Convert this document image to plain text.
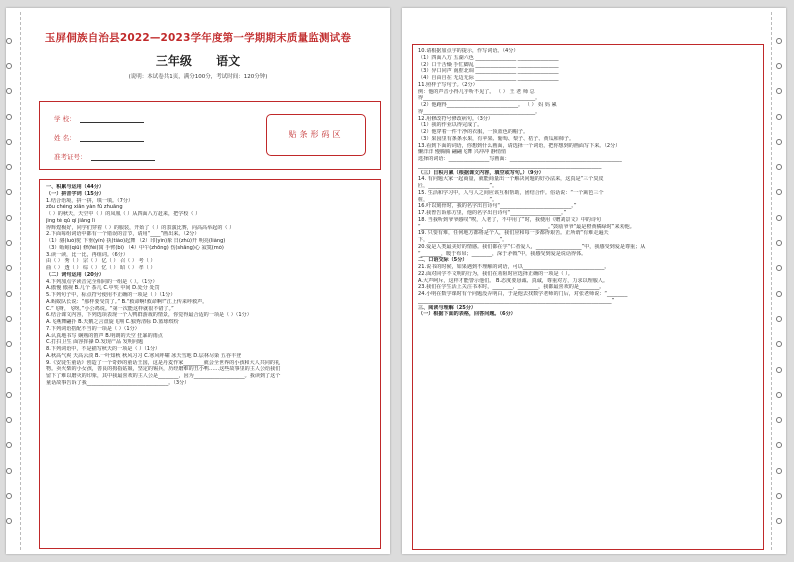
玉屏侗族自治县2022—2023学年度第一学期期末质量监测试卷
三年级 语文
(说明：本试卷共1页，满分100分，考试时间：120分钟)
学 校：
姓 名：
准考证号：
贴条形码区
一、积累与运用（44分）
（一）拼音字词（15分）
1.结合语境，拼一拼，填一填。（7分）
zōu chéng xiān yàn fǔ zhuāng
（ ）的秋天，天空中（ ）的凤凰（ ）从四面八方赶来，把学校（ ）
jìng tè qǔ qí jiǎng lì
得辉煌极好，同学们穿着（ ）的服装，开始了（ ）的表演比赛，向高高举起的（ ）
2.下面每组词语中都有一个错误的音节，请用“____”画出来。（2分）
（1）骆(luò)驼 下垂(yín) 执(tiào)起舞 （2）印(yìn)象 日(zhù)开 明亮(liàng)
（3）蚯蚓(qiū) 修(fèi)寓 手臂(bì) （4）中午(zhōng) 伤(shāng)心 寂寞(mò)
3.读一读，比一比，再组词。（6分）
由（ ） 秀（ ） 宗（ ） 亿（ ） 召（ ） 考（ ）
曲（ ） 透（ ） 综（ ） 忆（ ） 昭（ ） 孝（ ）
（二）词句运用（20分）
4.下列加点字读音完全相同的一组是（ ）。（1分）
A.傲慢 傲视 B.几个 茶几 C.中奖 中间 D.处分 处罚
5.下列句子中，标点符号使用不正确的一项是（ ）（1分）
A.蚂蚁队长说：“那样要受罚了。” B.“救命啊!救命啊!”江上传来呼救声。
C.“飞呀，飞呀。”小公鸡说。“第一次能这样就很不错了。”
6.结合课文内容，下列选项表现一个人鸭群游戏的情景，你觉得最合适的一项是（ ）（1分）
A.飞燕舞翩扑 B.天鹅之言盘旋飞翔 C.独秀清标 D.篮球缤纷
7.下列词语搭配不当的一项是（ ）（1分）
A.认真地书写 娴熟的笛声 B.明朗的天空 狂暴的雨点
C.打扫卫生 面容挥搡 D.发现产品 发明问题
8.下列词语中，不是描写秋天的一项是（ ）（1分）
A.秋高气爽 天高云淡 B.一叶知秋 秋风习习 C.寒风呼啸 冰天雪地 D.层林尽染 五谷丰登
9.《安徒生童话》创造了一个奇妙的童话王国，这是丹麦作家________就会全世界的小孩和大人共同的礼
物。卖火柴的小女孩，善良的拇指姑娘，坚定的锡兵，历经磨难的丑小鸭……这些故事里的主人公给我们
留下了难以磨灭的印象，其中我最喜欢的主人公是________，因为____________________。我读到了这个
童话故事告诉了我________________________________。（3分）
10.请根据加点字的提示，作写词语。（4分）
（1）四面八方 五湖六色 ________________ ________________
（2）口干舌燥 手忙脚乱 ________________ ________________
（3）异口同声 南腔北调 ________________ ________________
（4）自由自在 无边无际 ________________ ________________
11.照样子写句子。（2分）
例：他的声音小得几乎听不见了。 （ ） 王 老 师 总
得____________________________________________。
（2）他跑得____________________________。 （ ） 妈 妈 累
得____________________________________________。
12.用修改符号修改病句。（3分）
（1）我的作业以得完成了。
（2）他穿着一件干净的衣服，一顶蓝色的帽子。
（3）果园里有条条水果，有苹果、葡萄、梨子、桔子、黄瓜和柿子。
13.看到下面的词语，你想到什么画面，请选择一个词语，把你想到的画面写下来。（2分）
懒洋洋 慢腾腾 翩翩飞舞 兴冲冲 静悄悄
选择的词语：________________写画面：____________________________________________
________________________________________________________________________
（三）日积月累（根据课文内容，填空或写句。）（9分）
14. 有问题大家一起商量，就能商量出一个解决问题的好办法来，这真是“三个臭皮
匠，________________________”。
15. 生活和学习中，人与人之间应该互相帮助，团结合作。俗话说：“一个篱笆三个
桩，________________________”。
16.叶以刻骨时，我的名字出自诗句“____________________________。”
17.我曾告诉那方里，他的名字出自诗句“____________________。”
18. 当我听到爷爷感叹“唉，人老了，不中用了”时，我便用《赠刘景文》中的诗句
“________________________，________________________。”鼓励爷爷“最是橙黄橘绿时”来劝他。
19. 只要有难，任何地方都将是个人，我们应和每一步都得艰苦。正所谓“有难走遍天
下，____________________________”。
20.爱是人类最美好的情感。我们都在学“仁者爱人，__________________”中，我感受到爱是尊重；从
“________，暖于布帛；________，深于矛戟”中，我感受到爱是说话得体。
二、口语交际（5分）
21.说书的时候，如果遇到不理解的词语，可以________________________________。
22.面对同学不文明的行为，我们在劝阻时应选择正确的一项是（ ）。
A.大声呵斥，这样才能警示他们。 B.态度要恳诚、真诚，尊重对方，力求以理服人。
23.我们在学生活上关注书本时，________，________，我都最喜欢的是________。
24.小明在数学课时有个问题没弄明白，于是他去找数学老师的门后，对张老师说：“________
____________________________________________________________________________”
三、阅读与理解（25分）
（一）根据下面的表格，回答问题。（6分）
